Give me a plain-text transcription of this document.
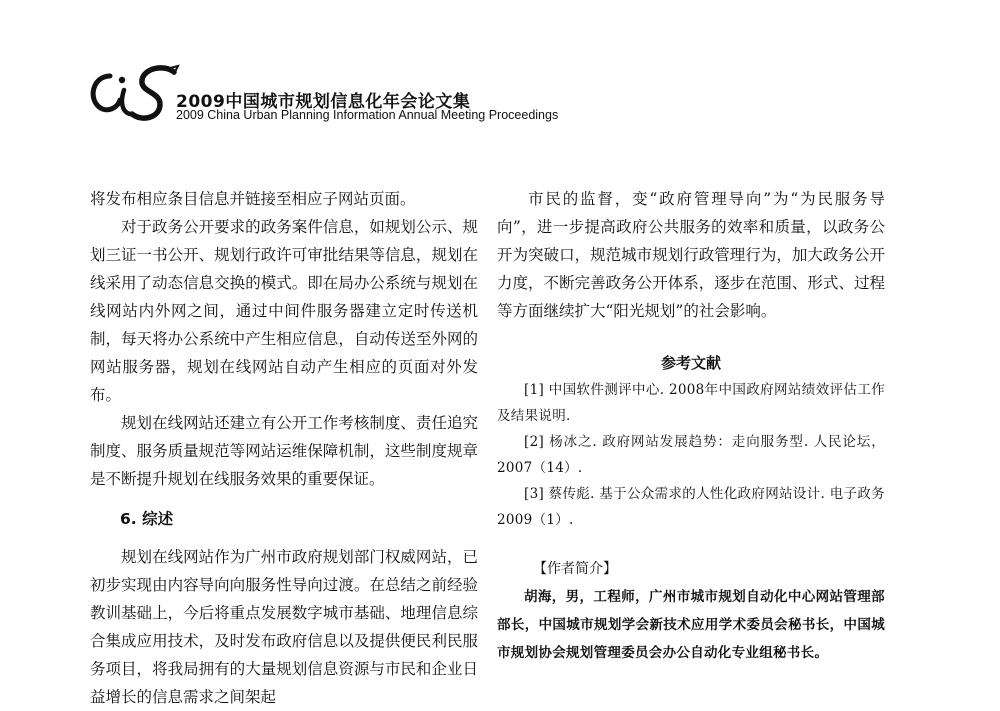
2009中国城市规划信息化年会论文集
2009 China Urban Planning Information Annual Meeting Proceedings

将发布相应条目信息并链接至相应子网站页面。

对于政务公开要求的政务案件信息，如规划公示、规划三证一书公开、规划行政许可审批结果等信息，规划在线采用了动态信息交换的模式。即在局办公系统与规划在线网站内外网之间，通过中间件服务器建立定时传送机制，每天将办公系统中产生相应信息，自动传送至外网的网站服务器，规划在线网站自动产生相应的页面对外发布。

规划在线网站还建立有公开工作考核制度、责任追究制度、服务质量规范等网站运维保障机制，这些制度规章是不断提升规划在线服务效果的重要保证。

6. 综述

规划在线网站作为广州市政府规划部门权威网站，已初步实现由内容导向向服务性导向过渡。在总结之前经验教训基础上，今后将重点发展数字城市基础、地理信息综合集成应用技术，及时发布政府信息以及提供便民利民服务项目，将我局拥有的大量规划信息资源与市民和企业日益增长的信息需求之间架起

市民的监督，变“政府管理导向”为“为民服务导向”，进一步提高政府公共服务的效率和质量，以政务公开为突破口，规范城市规划行政管理行为，加大政务公开力度，不断完善政务公开体系，逐步在范围、形式、过程等方面继续扩大“阳光规划”的社会影响。

参考文献

[1] 中国软件测评中心. 2008年中国政府网站绩效评估工作及结果说明.

[2] 杨冰之. 政府网站发展趋势：走向服务型. 人民论坛，2007（14）.

[3] 蔡传彪. 基于公众需求的人性化政府网站设计. 电子政务 2009（1）.

【作者简介】

胡海，男，工程师，广州市城市规划自动化中心网站管理部部长，中国城市规划学会新技术应用学术委员会秘书长，中国城市规划协会规划管理委员会办公自动化专业组秘书长。
